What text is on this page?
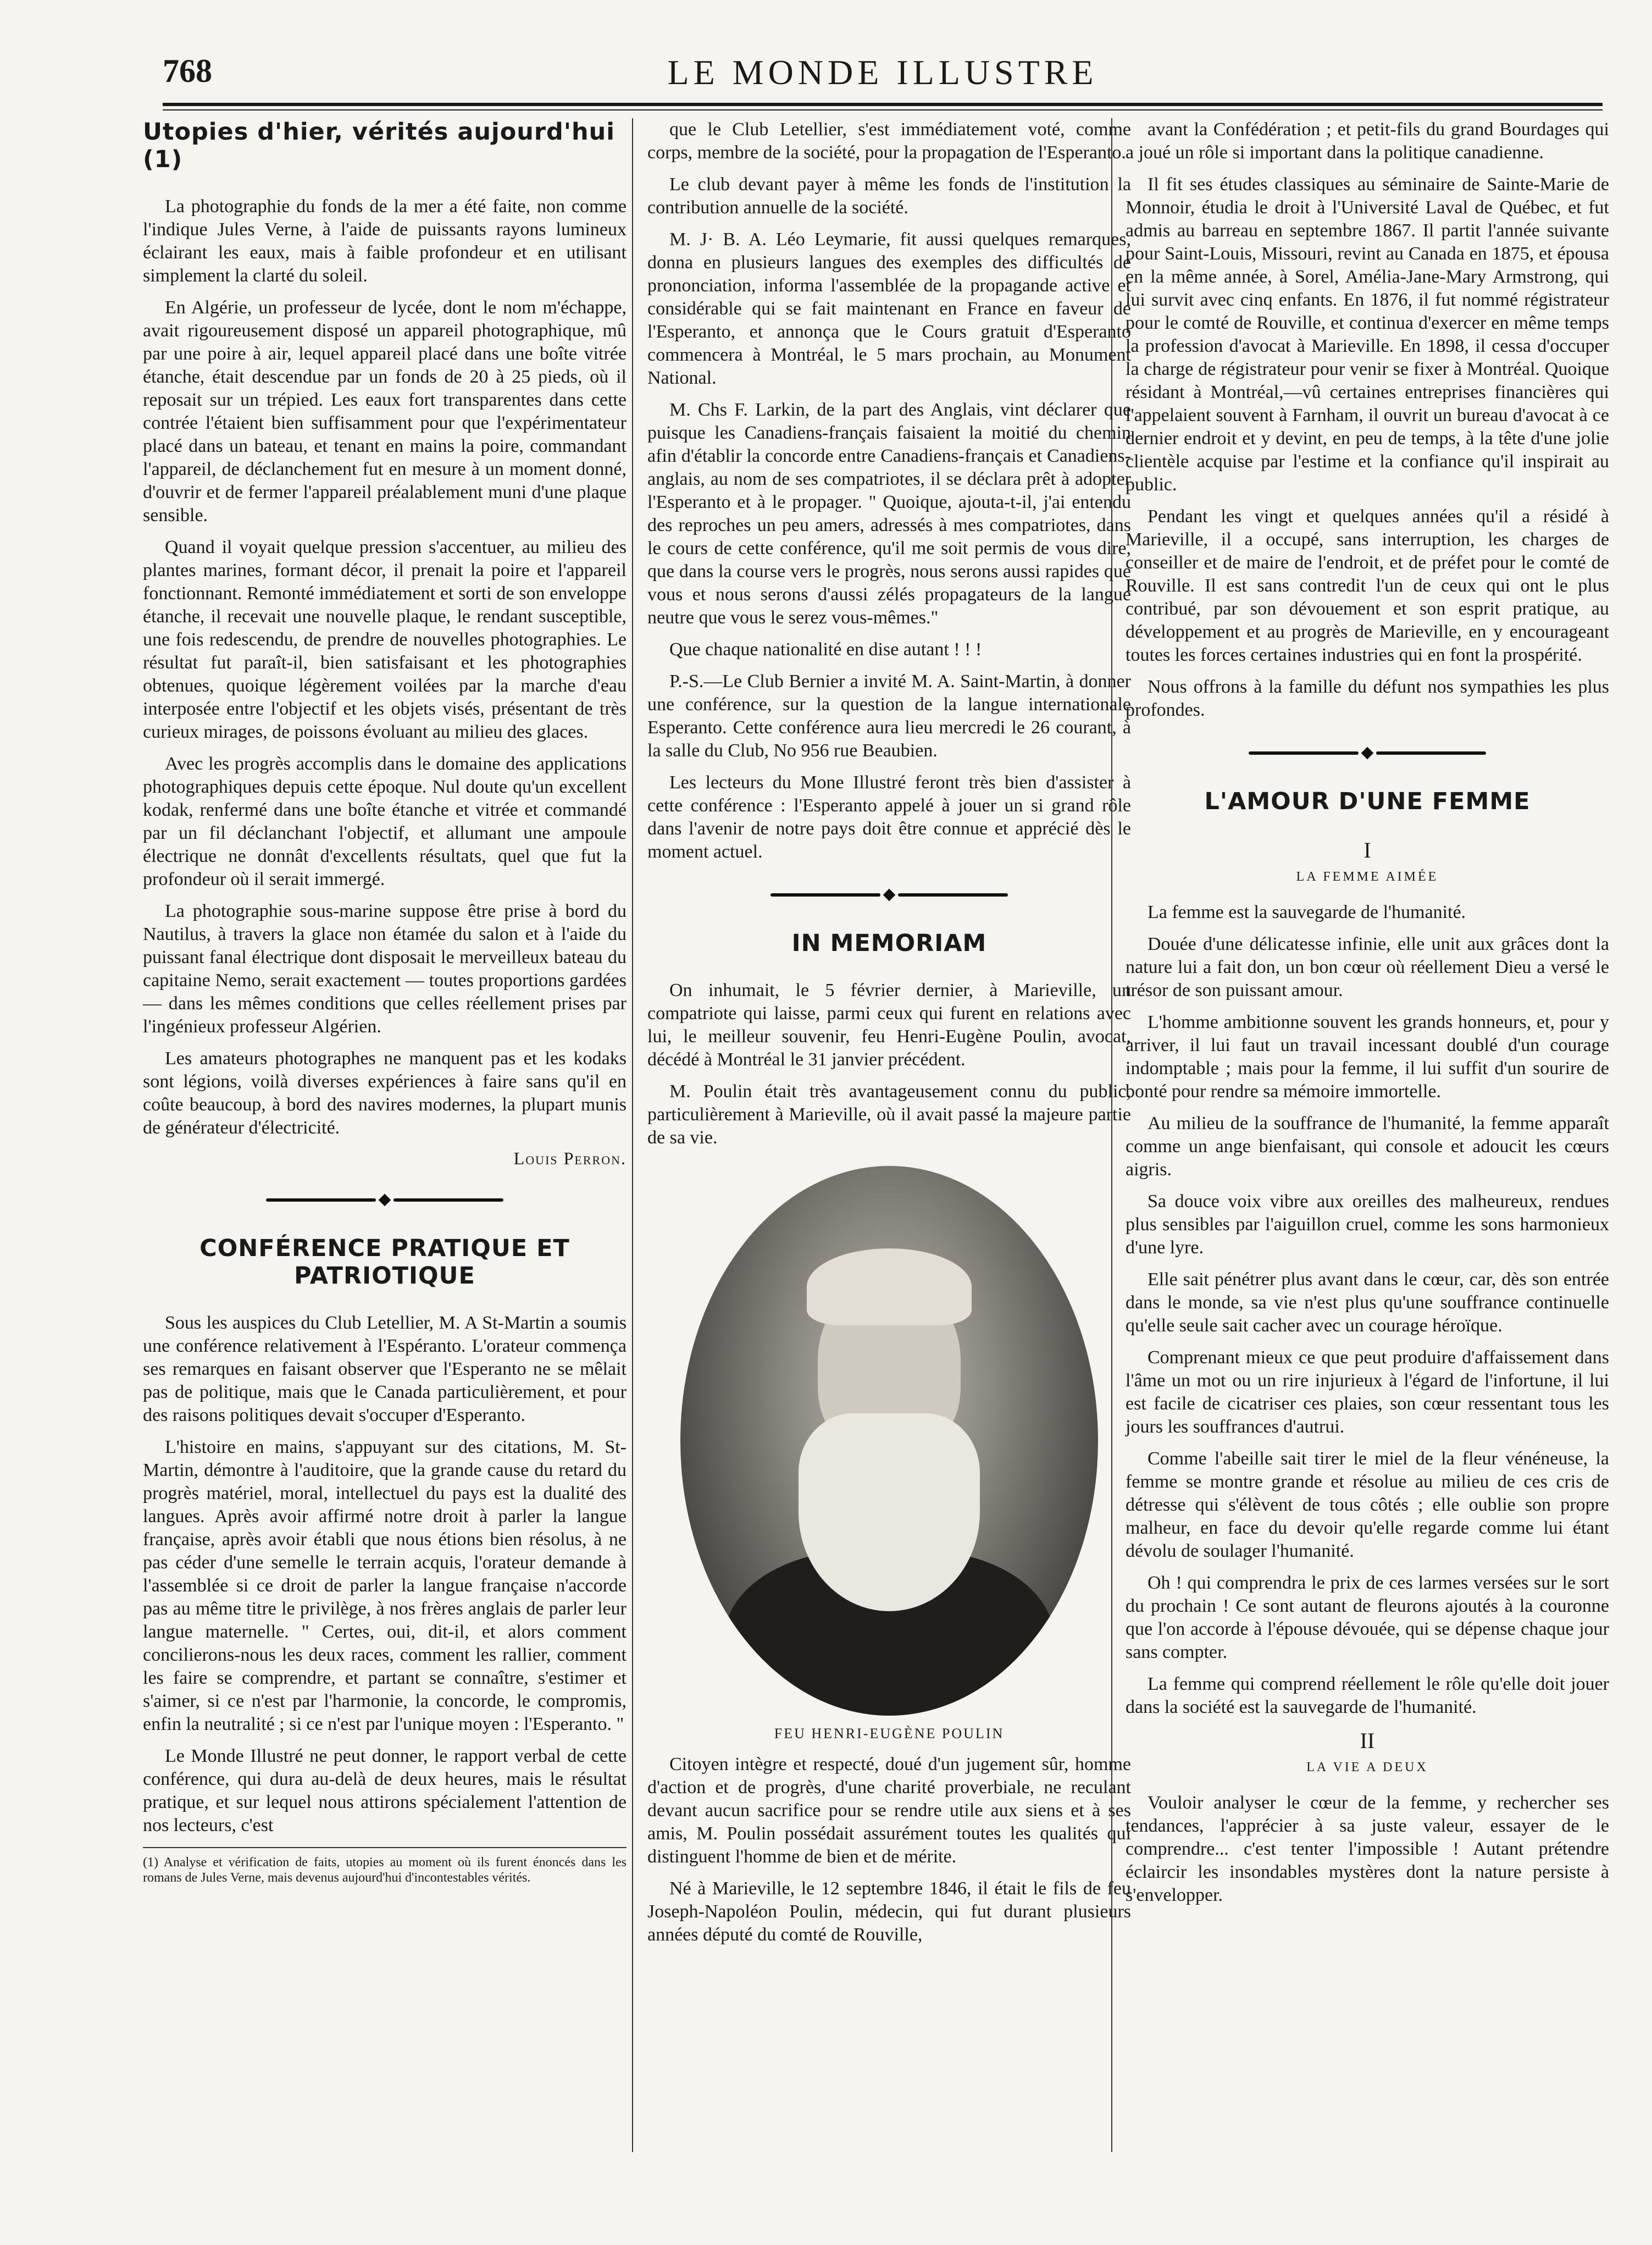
768	LE MONDE ILLUSTRE
Utopies d'hier, vérités aujourd'hui (1)

La photographie du fonds de la mer a été faite, non comme l'indique Jules Verne, à l'aide de puissants rayons lumineux éclairant les eaux, mais à faible profondeur et en utilisant simplement la clarté du soleil.

En Algérie, un professeur de lycée, dont le nom m'échappe, avait rigoureusement disposé un appareil photographique, mû par une poire à air, lequel appareil placé dans une boîte vitrée étanche, était descendue par un fonds de 20 à 25 pieds, où il reposait sur un trépied. Les eaux fort transparentes dans cette contrée l'étaient bien suffisamment pour que l'expérimentateur placé dans un bateau, et tenant en mains la poire, commandant l'appareil, de déclanchement fut en mesure à un moment donné, d'ouvrir et de fermer l'appareil préalablement muni d'une plaque sensible.

Quand il voyait quelque pression s'accentuer, au milieu des plantes marines, formant décor, il prenait la poire et l'appareil fonctionnant. Remonté immédiatement et sorti de son enveloppe étanche, il recevait une nouvelle plaque, le rendant susceptible, une fois redescendu, de prendre de nouvelles photographies. Le résultat fut paraît-il, bien satisfaisant et les photographies obtenues, quoique légèrement voilées par la marche d'eau interposée entre l'objectif et les objets visés, présentant de très curieux mirages, de poissons évoluant au milieu des glaces.

Avec les progrès accomplis dans le domaine des applications photographiques depuis cette époque. Nul doute qu'un excellent kodak, renfermé dans une boîte étanche et vitrée et commandé par un fil déclanchant l'objectif, et allumant une ampoule électrique ne donnât d'excellents résultats, quel que fut la profondeur où il serait immergé.

La photographie sous-marine suppose être prise à bord du Nautilus, à travers la glace non étamée du salon et à l'aide du puissant fanal électrique dont disposait le merveilleux bateau du capitaine Nemo, serait exactement — toutes proportions gardées — dans les mêmes conditions que celles réellement prises par l'ingénieux professeur Algérien.

Les amateurs photographes ne manquent pas et les kodaks sont légions, voilà diverses expériences à faire sans qu'il en coûte beaucoup, à bord des navires modernes, la plupart munis de générateur d'électricité.

Louis Perron.
CONFÉRENCE PRATIQUE ET PATRIOTIQUE

Sous les auspices du Club Letellier, M. A St-Martin a soumis une conférence relativement à l'Espéranto. L'orateur commença ses remarques en faisant observer que l'Esperanto ne se mêlait pas de politique, mais que le Canada particulièrement, et pour des raisons politiques devait s'occuper d'Esperanto.

L'histoire en mains, s'appuyant sur des citations, M. St-Martin, démontre à l'auditoire, que la grande cause du retard du progrès matériel, moral, intellectuel du pays est la dualité des langues. Après avoir affirmé notre droit à parler la langue française, après avoir établi que nous étions bien résolus, à ne pas céder d'une semelle le terrain acquis, l'orateur demande à l'assemblée si ce droit de parler la langue française n'accorde pas au même titre le privilège, à nos frères anglais de parler leur langue maternelle. " Certes, oui, dit-il, et alors comment concilierons-nous les deux races, comment les rallier, comment les faire se comprendre, et partant se connaître, s'estimer et s'aimer, si ce n'est par l'harmonie, la concorde, le compromis, enfin la neutralité ; si ce n'est par l'unique moyen : l'Esperanto. "

Le Monde Illustré ne peut donner, le rapport verbal de cette conférence, qui dura au-delà de deux heures, mais le résultat pratique, et sur lequel nous attirons spécialement l'attention de nos lecteurs, c'est

(1) Analyse et vérification de faits, utopies au moment où ils furent énoncés dans les romans de Jules Verne, mais devenus aujourd'hui d'incontestables vérités.

que le Club Letellier, s'est immédiatement voté, comme corps, membre de la société, pour la propagation de l'Esperanto.

Le club devant payer à même les fonds de l'institution la contribution annuelle de la société.

M. J· B. A. Léo Leymarie, fit aussi quelques remarques, donna en plusieurs langues des exemples des difficultés de prononciation, informa l'assemblée de la propagande active et considérable qui se fait maintenant en France en faveur de l'Esperanto, et annonça que le Cours gratuit d'Esperanto commencera à Montréal, le 5 mars prochain, au Monument National.

M. Chs F. Larkin, de la part des Anglais, vint déclarer que puisque les Canadiens-français faisaient la moitié du chemin afin d'établir la concorde entre Canadiens-français et Canadiens-anglais, au nom de ses compatriotes, il se déclara prêt à adopter l'Esperanto et à le propager. " Quoique, ajouta-t-il, j'ai entendu des reproches un peu amers, adressés à mes compatriotes, dans le cours de cette conférence, qu'il me soit permis de vous dire, que dans la course vers le progrès, nous serons aussi rapides que vous et nous serons d'aussi zélés propagateurs de la langue neutre que vous le serez vous-mêmes."

Que chaque nationalité en dise autant ! ! !

P.-S.—Le Club Bernier a invité M. A. Saint-Martin, à donner une conférence, sur la question de la langue internationale Esperanto. Cette conférence aura lieu mercredi le 26 courant, à la salle du Club, No 956 rue Beaubien.

Les lecteurs du Mone Illustré feront très bien d'assister à cette conférence : l'Esperanto appelé à jouer un si grand rôle dans l'avenir de notre pays doit être connue et apprécié dès le moment actuel.

IN MEMORIAM

On inhumait, le 5 février dernier, à Marieville, un compatriote qui laisse, parmi ceux qui furent en relations avec lui, le meilleur souvenir, feu Henri-Eugène Poulin, avocat, décédé à Montréal le 31 janvier précédent.

M. Poulin était très avantageusement connu du public, particulièrement à Marieville, où il avait passé la majeure partie de sa vie.

FEU HENRI-EUGÈNE POULIN

Citoyen intègre et respecté, doué d'un jugement sûr, homme d'action et de progrès, d'une charité proverbiale, ne reculant devant aucun sacrifice pour se rendre utile aux siens et à ses amis, M. Poulin possédait assurément toutes les qualités qui distinguent l'homme de bien et de mérite.

Né à Marieville, le 12 septembre 1846, il était le fils de feu Joseph-Napoléon Poulin, médecin, qui fut durant plusieurs années député du comté de Rouville,

avant la Confédération ; et petit-fils du grand Bourdages qui a joué un rôle si important dans la politique canadienne.

Il fit ses études classiques au séminaire de Sainte-Marie de Monnoir, étudia le droit à l'Université Laval de Québec, et fut admis au barreau en septembre 1867. Il partit l'année suivante pour Saint-Louis, Missouri, revint au Canada en 1875, et épousa en la même année, à Sorel, Amélia-Jane-Mary Armstrong, qui lui survit avec cinq enfants. En 1876, il fut nommé régistrateur pour le comté de Rouville, et continua d'exercer en même temps la profession d'avocat à Marieville. En 1898, il cessa d'occuper la charge de régistrateur pour venir se fixer à Montréal. Quoique résidant à Montréal,—vû certaines entreprises financières qui l'appelaient souvent à Farnham, il ouvrit un bureau d'avocat à ce dernier endroit et y devint, en peu de temps, à la tête d'une jolie clientèle acquise par l'estime et la confiance qu'il inspirait au public.

Pendant les vingt et quelques années qu'il a résidé à Marieville, il a occupé, sans interruption, les charges de conseiller et de maire de l'endroit, et de préfet pour le comté de Rouville. Il est sans contredit l'un de ceux qui ont le plus contribué, par son dévouement et son esprit pratique, au développement et au progrès de Marieville, en y encourageant toutes les forces certaines industries qui en font la prospérité.

Nous offrons à la famille du défunt nos sympathies les plus profondes.

L'AMOUR D'UNE FEMME
I
LA FEMME AIMÉE

La femme est la sauvegarde de l'humanité.

Douée d'une délicatesse infinie, elle unit aux grâces dont la nature lui a fait don, un bon cœur où réellement Dieu a versé le trésor de son puissant amour.

L'homme ambitionne souvent les grands honneurs, et, pour y arriver, il lui faut un travail incessant doublé d'un courage indomptable ; mais pour la femme, il lui suffit d'un sourire de bonté pour rendre sa mémoire immortelle.

Au milieu de la souffrance de l'humanité, la femme apparaît comme un ange bienfaisant, qui console et adoucit les cœurs aigris.

Sa douce voix vibre aux oreilles des malheureux, rendues plus sensibles par l'aiguillon cruel, comme les sons harmonieux d'une lyre.

Elle sait pénétrer plus avant dans le cœur, car, dès son entrée dans le monde, sa vie n'est plus qu'une souffrance continuelle qu'elle seule sait cacher avec un courage héroïque.

Comprenant mieux ce que peut produire d'affaissement dans l'âme un mot ou un rire injurieux à l'égard de l'infortune, il lui est facile de cicatriser ces plaies, son cœur ressentant tous les jours les souffrances d'autrui.

Comme l'abeille sait tirer le miel de la fleur vénéneuse, la femme se montre grande et résolue au milieu de ces cris de détresse qui s'élèvent de tous côtés ; elle oublie son propre malheur, en face du devoir qu'elle regarde comme lui étant dévolu de soulager l'humanité.

Oh ! qui comprendra le prix de ces larmes versées sur le sort du prochain ! Ce sont autant de fleurons ajoutés à la couronne que l'on accorde à l'épouse dévouée, qui se dépense chaque jour sans compter.

La femme qui comprend réellement le rôle qu'elle doit jouer dans la société est la sauvegarde de l'humanité.

II
LA VIE A DEUX

Vouloir analyser le cœur de la femme, y rechercher ses tendances, l'apprécier à sa juste valeur, essayer de le comprendre... c'est tenter l'impossible ! Autant prétendre éclaircir les insondables mystères dont la nature persiste à s'envelopper.
